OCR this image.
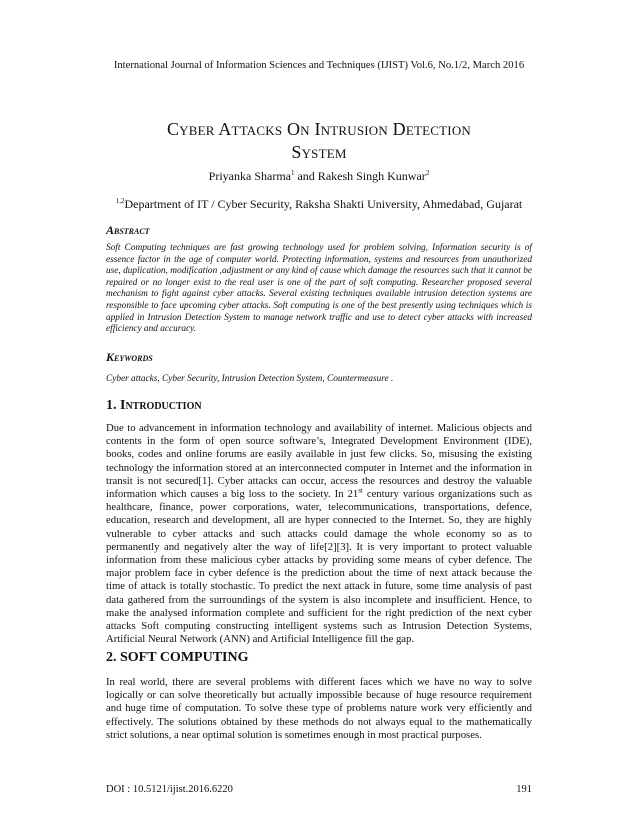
International Journal of Information Sciences and Techniques (IJIST) Vol.6, No.1/2, March 2016
Cyber Attacks On Intrusion Detection
System
Priyanka Sharma$^1$ and Rakesh Singh Kunwar$^2$
$^{1,2}$Department of IT / Cyber Security, Raksha Shakti University, Ahmedabad, Gujarat
Abstract

Soft Computing techniques are fast growing technology used for problem solving, Information security is of essence factor in the age of computer world. Protecting information, systems and resources from unauthorized use, duplication, modification ,adjustment or any kind of cause which damage the resources such that it cannot be repaired or no longer exist to the real user is one of the part of soft computing. Researcher proposed several mechanism to fight against cyber attacks. Several existing techniques available intrusion detection systems are responsible to face upcoming cyber attacks. Soft computing is one of the best presently using techniques which is applied in Intrusion Detection System to manage network traffic and use to detect cyber attacks with increased efficiency and accuracy.

Keywords

Cyber attacks, Cyber Security, Intrusion Detection System, Countermeasure .

1. Introduction

Due to advancement in information technology and availability of internet. Malicious objects and contents in the form of open source software’s, Integrated Development Environment (IDE), books, codes and online forums are easily available in just few clicks. So, misusing the existing technology the information stored at an interconnected computer in Internet and the information in transit is not secured[1]. Cyber attacks can occur, access the resources and destroy the valuable information which causes a big loss to the society. In 21st century various organizations such as healthcare, finance, power corporations, water, telecommunications, transportations, defence, education, research and development, all are hyper connected to the Internet. So, they are highly vulnerable to cyber attacks and such attacks could damage the whole economy so as to permanently and negatively alter the way of life[2][3]. It is very important to protect valuable information from these malicious cyber attacks by providing some means of cyber defence. The major problem face in cyber defence is the prediction about the time of next attack because the time of attack is totally stochastic. To predict the next attack in future, some time analysis of past data gathered from the surroundings of the system is also incomplete and insufficient. Hence, to make the analysed information complete and sufficient for the right prediction of the next cyber attacks Soft computing constructing intelligent systems such as Intrusion Detection Systems, Artificial Neural Network (ANN) and Artificial Intelligence fill the gap.

2. SOFT COMPUTING

In real world, there are several problems with different faces which we have no way to solve logically or can solve theoretically but actually impossible because of huge resource requirement and huge time of computation. To solve these type of problems nature work very efficiently and effectively. The solutions obtained by these methods do not always equal to the mathematically strict solutions, a near optimal solution is sometimes enough in most practical purposes.

DOI : 10.5121/ijist.2016.6220	191
